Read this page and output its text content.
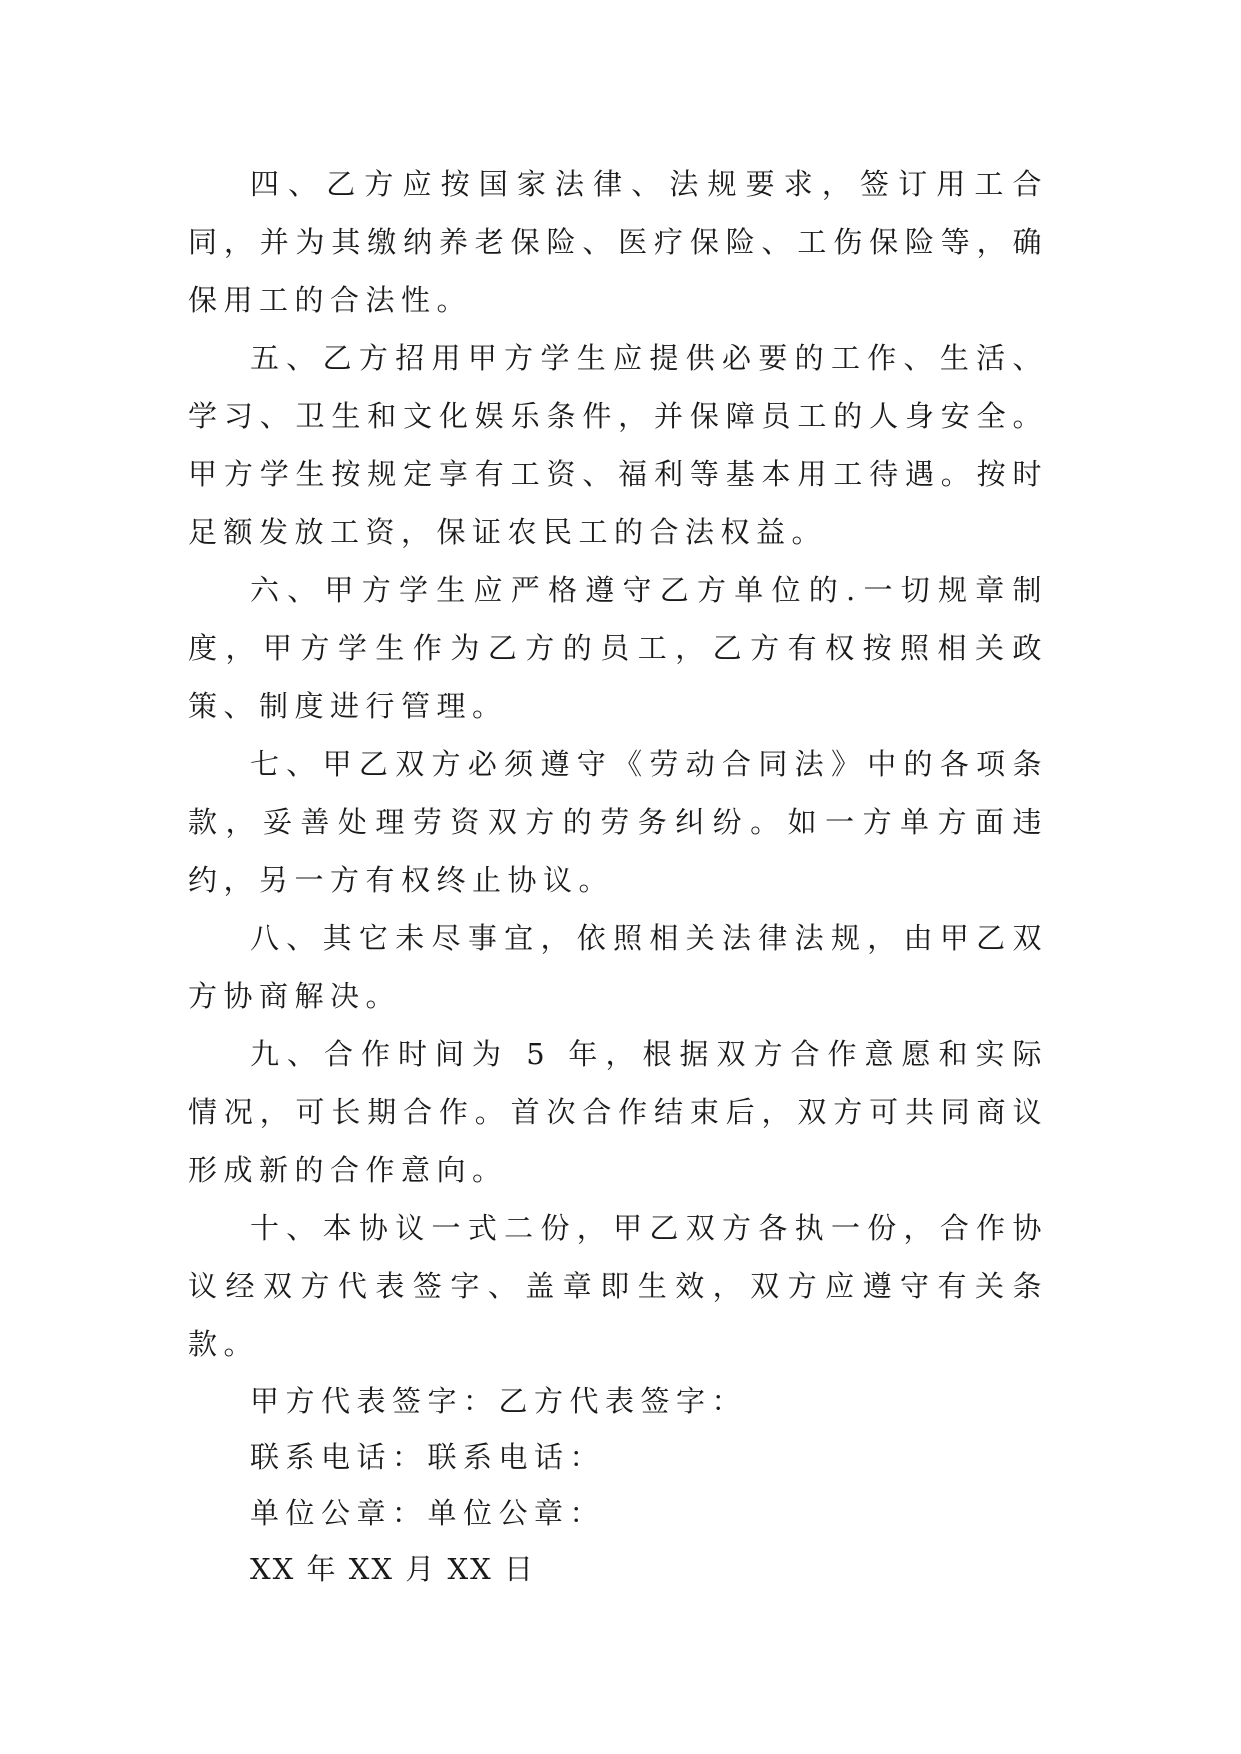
四、乙方应按国家法律、法规要求，签订用工合同，并为其缴纳养老保险、医疗保险、工伤保险等，确保用工的合法性。

五、乙方招用甲方学生应提供必要的工作、生活、学习、卫生和文化娱乐条件，并保障员工的人身安全。甲方学生按规定享有工资、福利等基本用工待遇。按时足额发放工资，保证农民工的合法权益。

六、甲方学生应严格遵守乙方单位的.一切规章制度，甲方学生作为乙方的员工，乙方有权按照相关政策、制度进行管理。

七、甲乙双方必须遵守《劳动合同法》中的各项条款，妥善处理劳资双方的劳务纠纷。如一方单方面违约，另一方有权终止协议。

八、其它未尽事宜，依照相关法律法规，由甲乙双方协商解决。

九、合作时间为 5 年，根据双方合作意愿和实际情况，可长期合作。首次合作结束后，双方可共同商议形成新的合作意向。

十、本协议一式二份，甲乙双方各执一份，合作协议经双方代表签字、盖章即生效，双方应遵守有关条款。

甲方代表签字：乙方代表签字：

联系电话：联系电话：

单位公章：单位公章：

XX 年 XX 月 XX 日
